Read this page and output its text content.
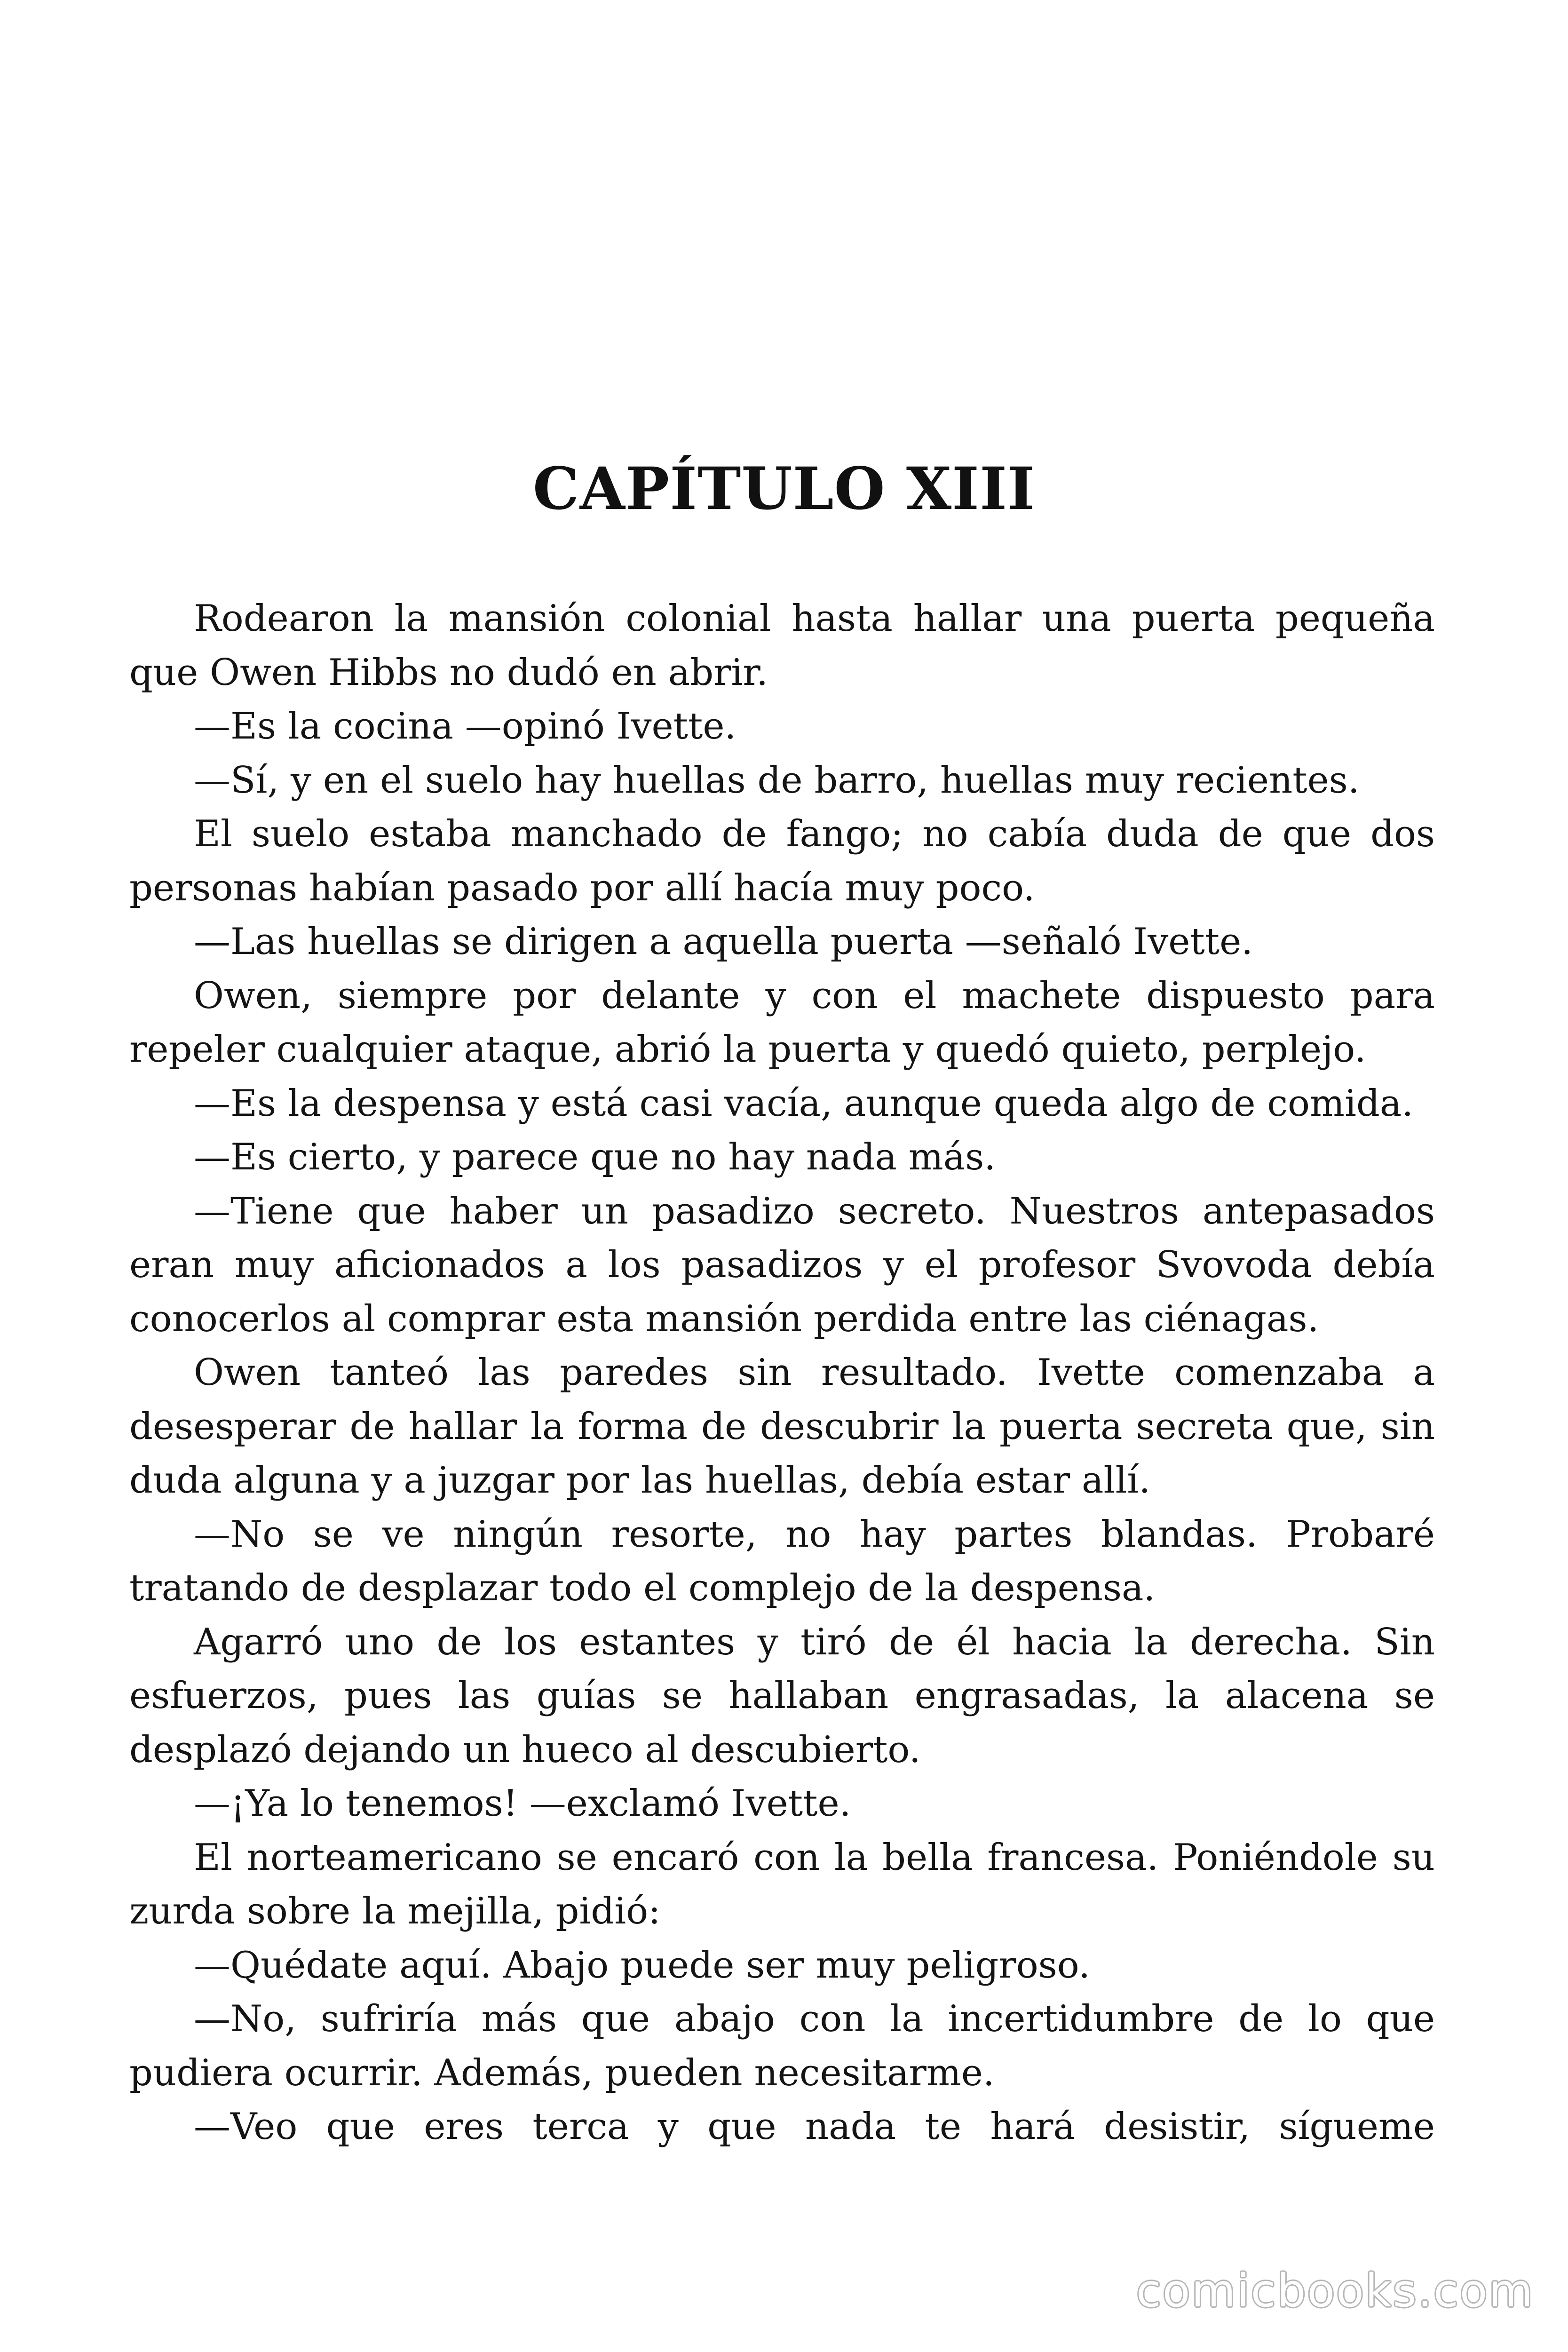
CAPÍTULO XIII

Rodearon la mansión colonial hasta hallar una puerta pequeña que Owen Hibbs no dudó en abrir.

—Es la cocina —opinó Ivette.

—Sí, y en el suelo hay huellas de barro, huellas muy recientes.

El suelo estaba manchado de fango; no cabía duda de que dos personas habían pasado por allí hacía muy poco.

—Las huellas se dirigen a aquella puerta —señaló Ivette.

Owen, siempre por delante y con el machete dispuesto para repeler cualquier ataque, abrió la puerta y quedó quieto, perplejo.

—Es la despensa y está casi vacía, aunque queda algo de comida.

—Es cierto, y parece que no hay nada más.

—Tiene que haber un pasadizo secreto. Nuestros antepasados eran muy aficionados a los pasadizos y el profesor Svovoda debía conocerlos al comprar esta mansión perdida entre las ciénagas.

Owen tanteó las paredes sin resultado. Ivette comenzaba a desesperar de hallar la forma de descubrir la puerta secreta que, sin duda alguna y a juzgar por las huellas, debía estar allí.

—No se ve ningún resorte, no hay partes blandas. Probaré tratando de desplazar todo el complejo de la despensa.

Agarró uno de los estantes y tiró de él hacia la derecha. Sin esfuerzos, pues las guías se hallaban engrasadas, la alacena se desplazó dejando un hueco al descubierto.

—¡Ya lo tenemos! —exclamó Ivette.

El norteamericano se encaró con la bella francesa. Poniéndole su zurda sobre la mejilla, pidió:

—Quédate aquí. Abajo puede ser muy peligroso.

—No, sufriría más que abajo con la incertidumbre de lo que pudiera ocurrir. Además, pueden necesitarme.

—Veo que eres terca y que nada te hará desistir, sígueme

comicbooks.com
